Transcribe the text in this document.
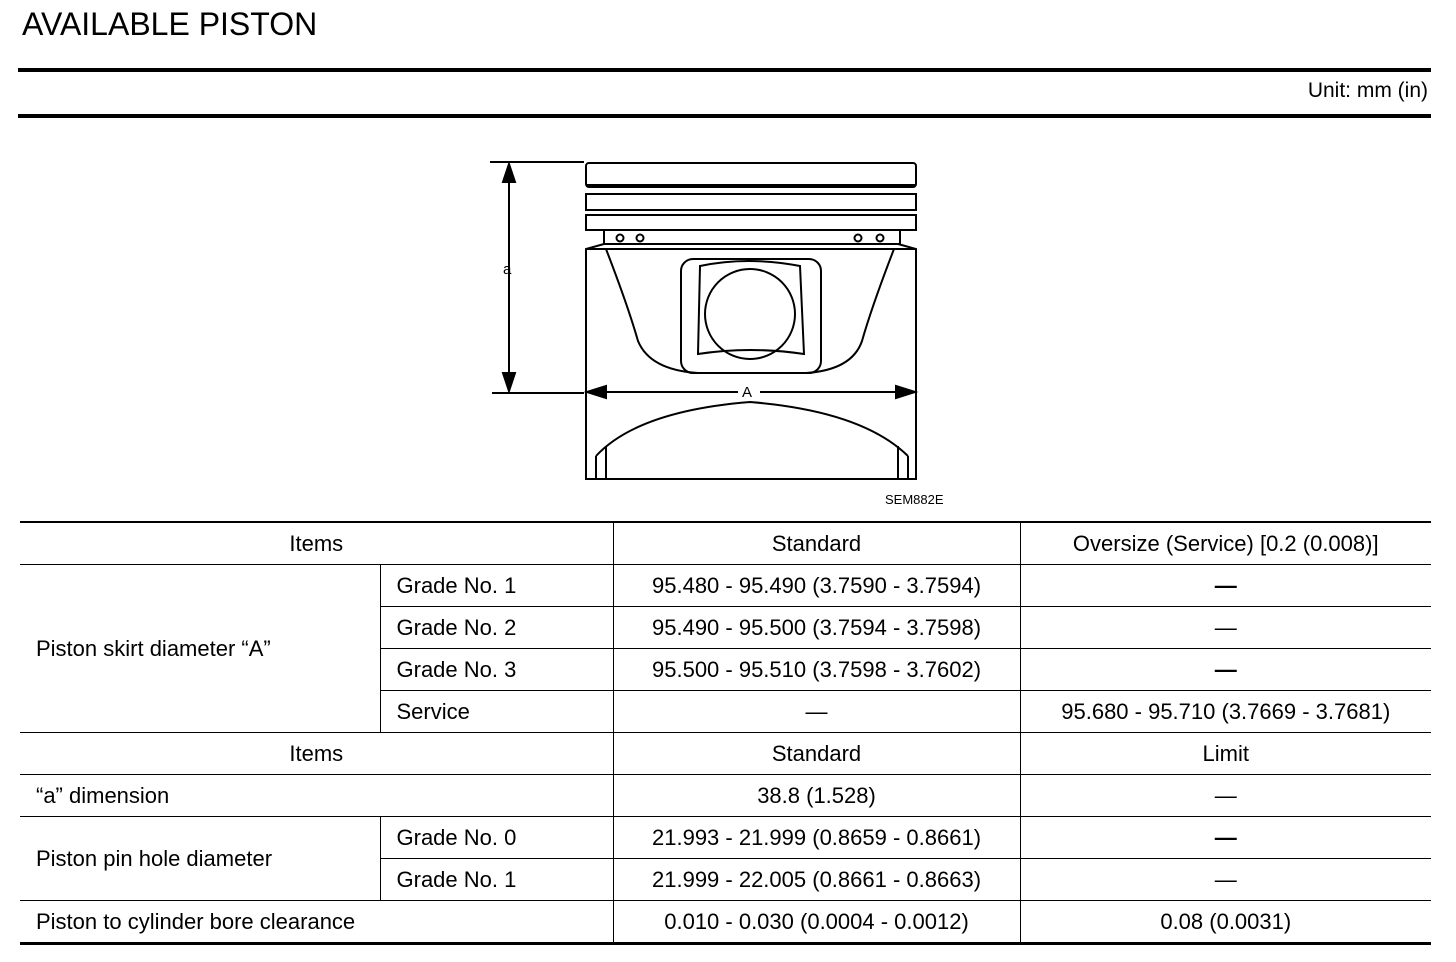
AVAILABLE PISTON
Unit: mm (in)
a
A
SEM882E
Items		Standard	Oversize (Service) [0.2 (0.008)]
Piston skirt diameter “A”	Grade No. 1	95.480 - 95.490 (3.7590 - 3.7594)	—
	Grade No. 2	95.490 - 95.500 (3.7594 - 3.7598)	—
	Grade No. 3	95.500 - 95.510 (3.7598 - 3.7602)	—
	Service	—	95.680 - 95.710 (3.7669 - 3.7681)
Items		Standard	Limit
“a” dimension		38.8 (1.528)	—
Piston pin hole diameter	Grade No. 0	21.993 - 21.999 (0.8659 - 0.8661)	—
	Grade No. 1	21.999 - 22.005 (0.8661 - 0.8663)	—
Piston to cylinder bore clearance		0.010 - 0.030 (0.0004 - 0.0012)	0.08 (0.0031)
